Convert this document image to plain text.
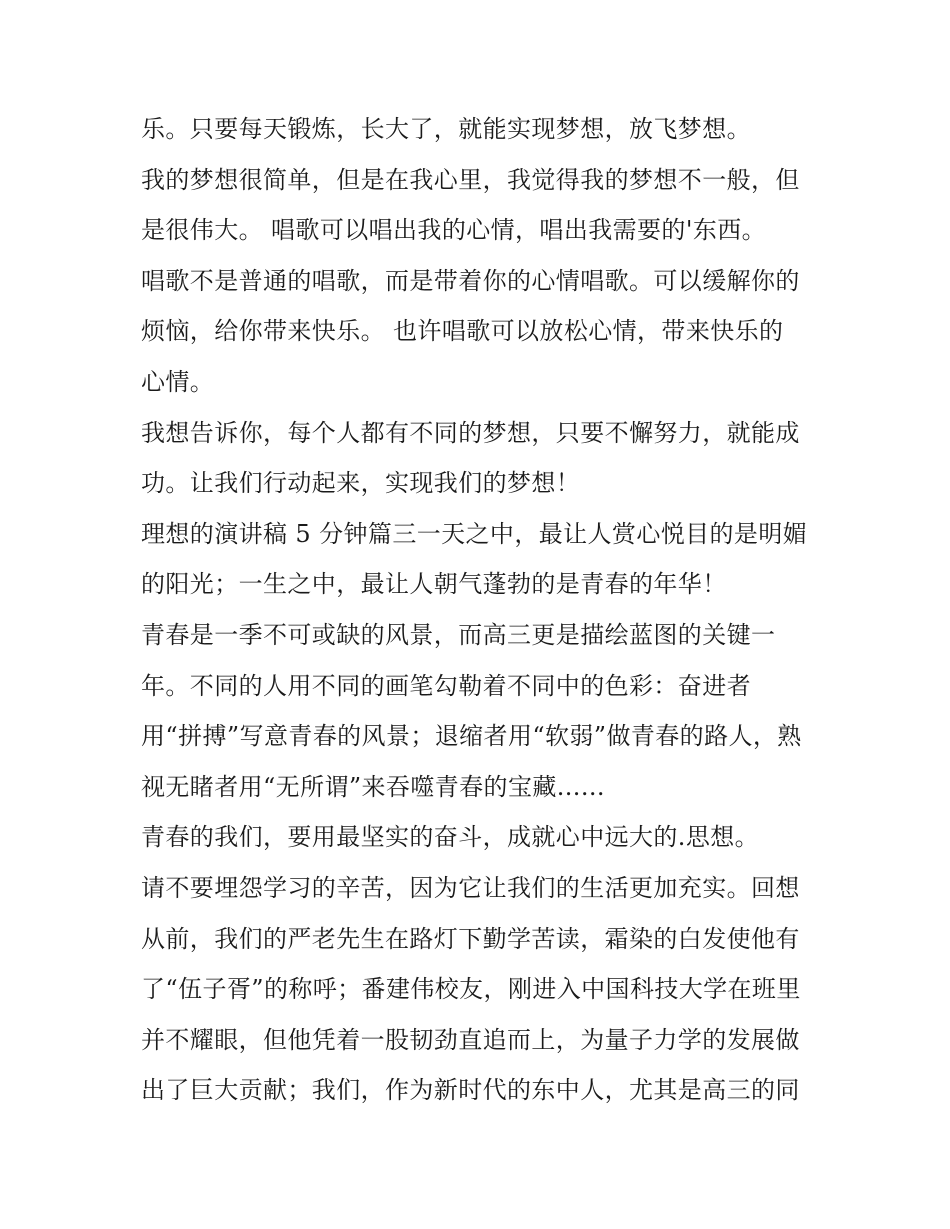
乐。只要每天锻炼，长大了，就能实现梦想，放飞梦想。
我的梦想很简单，但是在我心里，我觉得我的梦想不一般，但
是很伟大。 唱歌可以唱出我的心情，唱出我需要的'东西。
唱歌不是普通的唱歌，而是带着你的心情唱歌。可以缓解你的
烦恼，给你带来快乐。 也许唱歌可以放松心情，带来快乐的
心情。
我想告诉你，每个人都有不同的梦想，只要不懈努力，就能成
功。让我们行动起来，实现我们的梦想！
理想的演讲稿 5 分钟篇三一天之中，最让人赏心悦目的是明媚
的阳光；一生之中，最让人朝气蓬勃的是青春的年华！
青春是一季不可或缺的风景，而高三更是描绘蓝图的关键一
年。不同的人用不同的画笔勾勒着不同中的色彩：奋进者
用“拼搏”写意青春的风景；退缩者用“软弱”做青春的路人，熟
视无睹者用“无所谓”来吞噬青春的宝藏......
青春的我们，要用最坚实的奋斗，成就心中远大的.思想。
请不要埋怨学习的辛苦，因为它让我们的生活更加充实。回想
从前，我们的严老先生在路灯下勤学苦读，霜染的白发使他有
了“伍子胥”的称呼；番建伟校友，刚进入中国科技大学在班里
并不耀眼，但他凭着一股韧劲直追而上，为量子力学的发展做
出了巨大贡献；我们，作为新时代的东中人，尤其是高三的同
